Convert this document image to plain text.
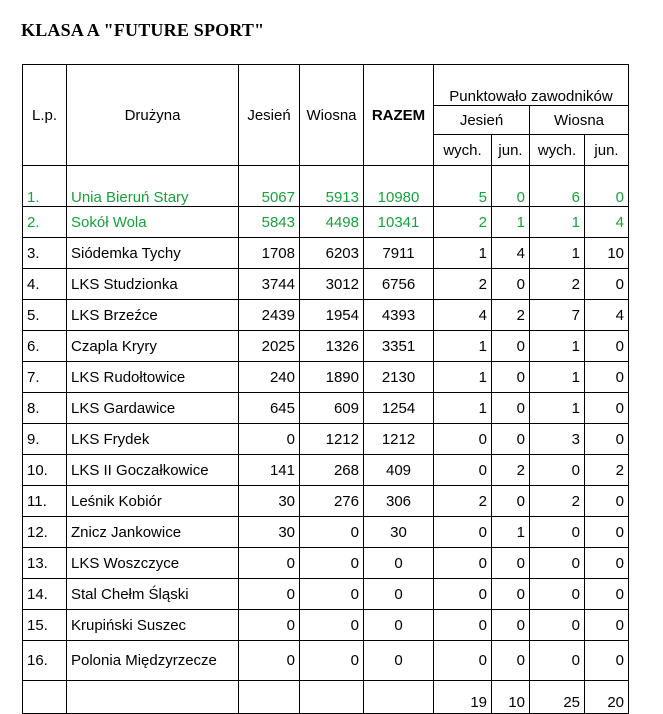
KLASA A "FUTURE SPORT"
L.p.	Drużyna	Jesień	Wiosna	RAZEM	Punktowało zawodników			
					Jesień		Wiosna	
					wych.	jun.	wych.	jun.
1.	Unia Bieruń Stary	5067	5913	10980	5	0	6	0
2.	Sokół Wola	5843	4498	10341	2	1	1	4
3.	Siódemka Tychy	1708	6203	7911	1	4	1	10
4.	LKS Studzionka	3744	3012	6756	2	0	2	0
5.	LKS Brzeźce	2439	1954	4393	4	2	7	4
6.	Czapla Kryry	2025	1326	3351	1	0	1	0
7.	LKS Rudołtowice	240	1890	2130	1	0	1	0
8.	LKS Gardawice	645	609	1254	1	0	1	0
9.	LKS Frydek	0	1212	1212	0	0	3	0
10.	LKS II Goczałkowice	141	268	409	0	2	0	2
11.	Leśnik Kobiór	30	276	306	2	0	2	0
12.	Znicz Jankowice	30	0	30	0	1	0	0
13.	LKS Woszczyce	0	0	0	0	0	0	0
14.	Stal Chełm Śląski	0	0	0	0	0	0	0
15.	Krupiński Suszec	0	0	0	0	0	0	0
16.	Polonia Międzyrzecze	0	0	0	0	0	0	0
					19	10	25	20
